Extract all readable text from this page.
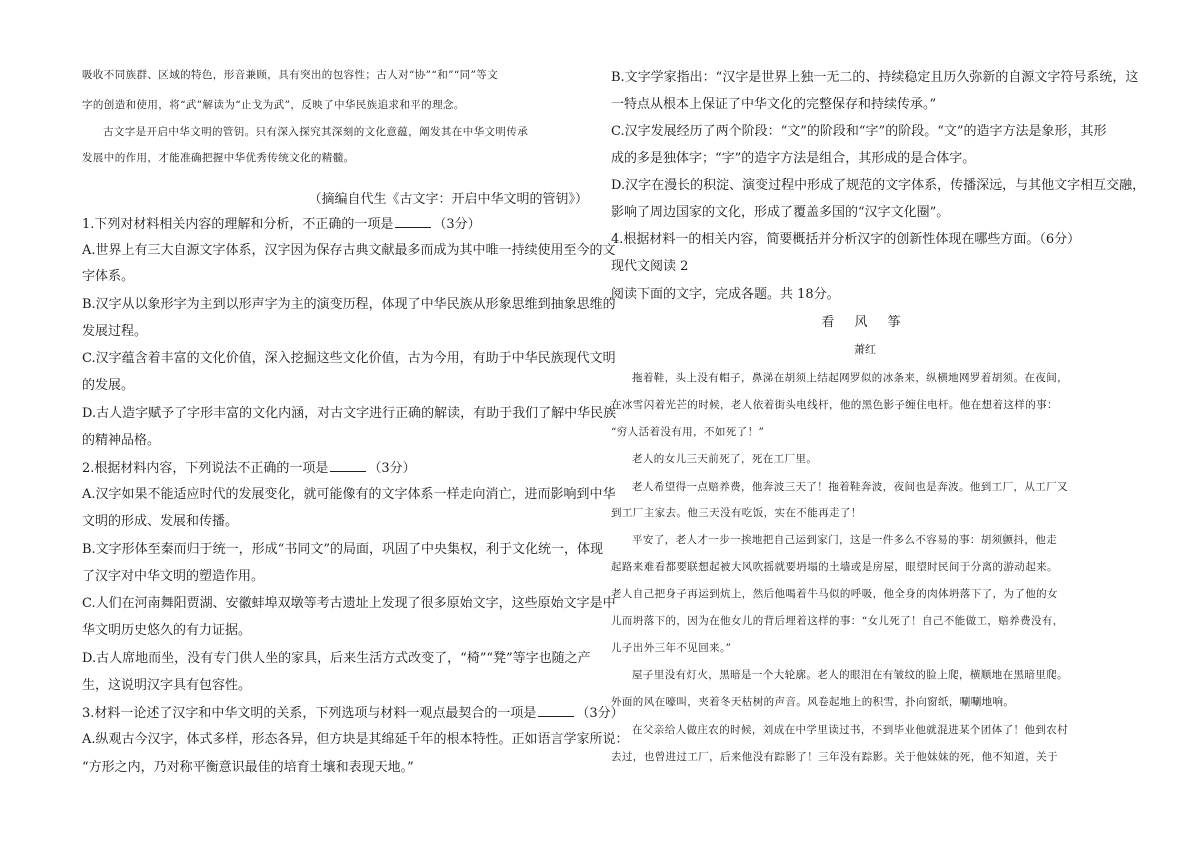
吸收不同族群、区域的特色，形音兼顾，具有突出的包容性；古人对“协”“和”“同”等文
字的创造和使用，将“武”解读为“止戈为武”，反映了中华民族追求和平的理念。
古文字是开启中华文明的管钥。只有深入探究其深刻的文化意蕴，阐发其在中华文明传承
发展中的作用，才能准确把握中华优秀传统文化的精髓。
（摘编自代生《古文字：开启中华文明的管钥》）
1.下列对材料相关内容的理解和分析，不正确的一项是	（3分）
A.世界上有三大自源文字体系，汉字因为保存古典文献最多而成为其中唯一持续使用至今的文
字体系。
B.汉字从以象形字为主到以形声字为主的演变历程，体现了中华民族从形象思维到抽象思维的
发展过程。
C.汉字蕴含着丰富的文化价值，深入挖掘这些文化价值，古为今用，有助于中华民族现代文明
的发展。
D.古人造字赋予了字形丰富的文化内涵，对古文字进行正确的解读，有助于我们了解中华民族
的精神品格。
2.根据材料内容，下列说法不正确的一项是	（3分）
A.汉字如果不能适应时代的发展变化，就可能像有的文字体系一样走向消亡，进而影响到中华
文明的形成、发展和传播。
B.文字形体至秦而归于统一，形成“书同文”的局面，巩固了中央集权，利于文化统一，体现
了汉字对中华文明的塑造作用。
C.人们在河南舞阳贾湖、安徽蚌埠双墩等考古遗址上发现了很多原始文字，这些原始文字是中
华文明历史悠久的有力证据。
D.古人席地而坐，没有专门供人坐的家具，后来生活方式改变了，“椅”“凳”等字也随之产
生，这说明汉字具有包容性。
3.材料一论述了汉字和中华文明的关系，下列选项与材料一观点最契合的一项是	（3分）
A.纵观古今汉字，体式多样，形态各异，但方块是其绵延千年的根本特性。正如语言学家所说：
“方形之内，乃对称平衡意识最佳的培育土壤和表现天地。”
B.文字学家指出：“汉字是世界上独一无二的、持续稳定且历久弥新的自源文字符号系统，这
一特点从根本上保证了中华文化的完整保存和持续传承。”
C.汉字发展经历了两个阶段：“文”的阶段和“字”的阶段。“文”的造字方法是象形，其形
成的多是独体字；“字”的造字方法是组合，其形成的是合体字。
D.汉字在漫长的积淀、演变过程中形成了规范的文字体系，传播深远，与其他文字相互交融，
影响了周边国家的文化，形成了覆盖多国的“汉字文化圈”。
4.根据材料一的相关内容，简要概括并分析汉字的创新性体现在哪些方面。（6分）
现代文阅读 2
阅读下面的文字，完成各题。共 18分。
看 风 筝
萧红
拖着鞋，头上没有帽子，鼻涕在胡须上结起网罗似的冰条来，纵横地网罗着胡须。在夜间，
在冰雪闪着光芒的时候，老人依着街头电线杆，他的黑色影子缠住电杆。他在想着这样的事：
“穷人活着没有用，不如死了！”
老人的女儿三天前死了，死在工厂里。
老人希望得一点赔养费，他奔波三天了！拖着鞋奔波，夜间也是奔波。他到工厂，从工厂又
到工厂主家去。他三天没有吃饭，实在不能再走了！
平安了，老人才一步一挨地把自己运到家门，这是一件多么不容易的事：胡须颤抖，他走
起路来难看都要联想起被大风吹摇就要坍塌的土墙或是房屋，眼望时民间于分离的游动起来。
老人自己把身子再运到炕上，然后他喝着牛马似的呼吸，他全身的肉体坍落下了，为了他的女
儿而坍落下的，因为在他女儿的背后埋着这样的事：“女儿死了！自己不能做工，赔养费没有，
儿子出外三年不见回来。”
屋子里没有灯火，黑暗是一个大轮廓。老人的眼泪在有皱纹的脸上爬，横顺地在黑暗里爬。
外面的风在嚎叫，夹着冬天枯树的声音。风卷起地上的积雪，扑向窗纸，唰唰地响。
在父亲给人做庄农的时候，刘成在中学里读过书，不到毕业他就混进某个团体了！他到农村
去过，也曾进过工厂，后来他没有踪影了！三年没有踪影。关于他妹妹的死，他不知道，关于
